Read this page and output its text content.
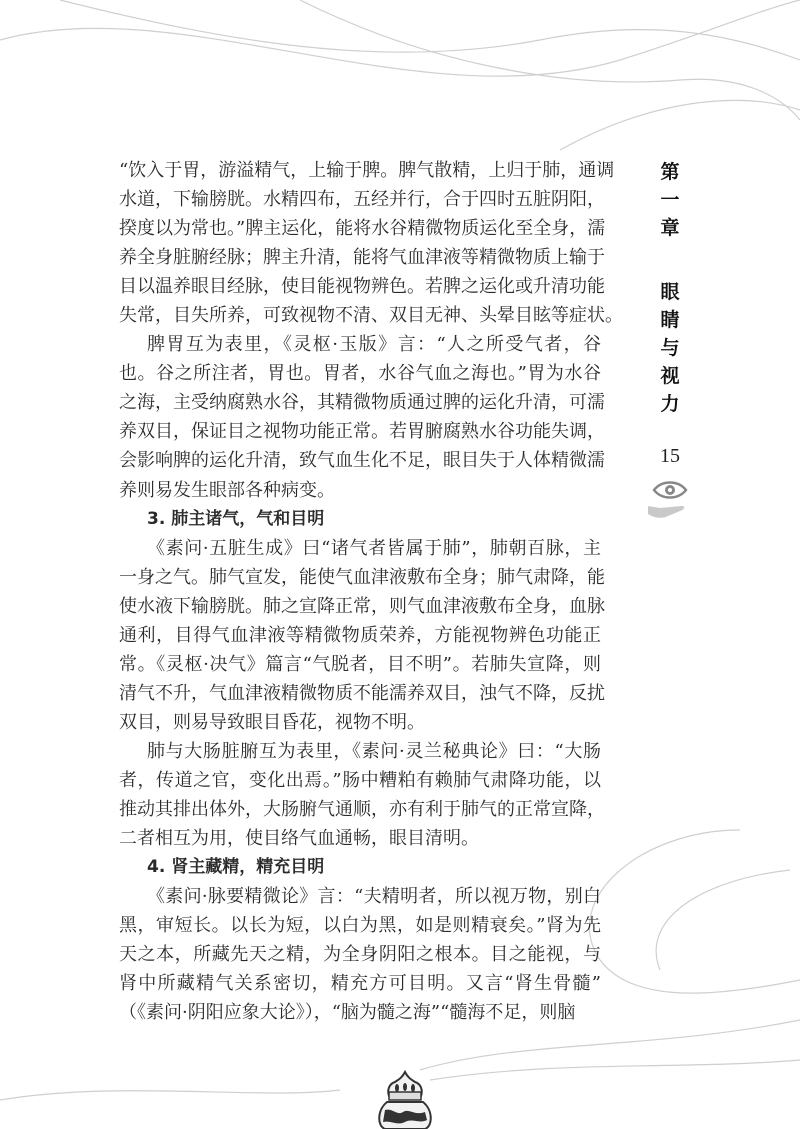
第
一
章
眼
睛
与
视
力
15
“饮入于胃，游溢精气，上输于脾。脾气散精，上归于肺，通调
水道，下输膀胱。水精四布，五经并行，合于四时五脏阴阳，
揆度以为常也。”脾主运化，能将水谷精微物质运化至全身，濡
养全身脏腑经脉；脾主升清，能将气血津液等精微物质上输于
目以温养眼目经脉，使目能视物辨色。若脾之运化或升清功能
失常，目失所养，可致视物不清、双目无神、头晕目眩等症状。
脾胃互为表里，《灵枢·玉版》言：“人之所受气者，谷
也。谷之所注者，胃也。胃者，水谷气血之海也。”胃为水谷
之海，主受纳腐熟水谷，其精微物质通过脾的运化升清，可濡
养双目，保证目之视物功能正常。若胃腑腐熟水谷功能失调，
会影响脾的运化升清，致气血生化不足，眼目失于人体精微濡
养则易发生眼部各种病变。
3. 肺主诸气，气和目明
《素问·五脏生成》曰“诸气者皆属于肺”，肺朝百脉，主
一身之气。肺气宣发，能使气血津液敷布全身；肺气肃降，能
使水液下输膀胱。肺之宣降正常，则气血津液敷布全身，血脉
通利，目得气血津液等精微物质荣养，方能视物辨色功能正
常。《灵枢·决气》篇言“气脱者，目不明”。若肺失宣降，则
清气不升，气血津液精微物质不能濡养双目，浊气不降，反扰
双目，则易导致眼目昏花，视物不明。
肺与大肠脏腑互为表里，《素问·灵兰秘典论》曰：“大肠
者，传道之官，变化出焉。”肠中糟粕有赖肺气肃降功能，以
推动其排出体外，大肠腑气通顺，亦有利于肺气的正常宣降，
二者相互为用，使目络气血通畅，眼目清明。
4. 肾主藏精，精充目明
《素问·脉要精微论》言：“夫精明者，所以视万物，别白
黑，审短长。以长为短，以白为黑，如是则精衰矣。”肾为先
天之本，所藏先天之精，为全身阴阳之根本。目之能视，与
肾中所藏精气关系密切，精充方可目明。又言“肾生骨髓”
（《素问·阴阳应象大论》），“脑为髓之海”“髓海不足，则脑
